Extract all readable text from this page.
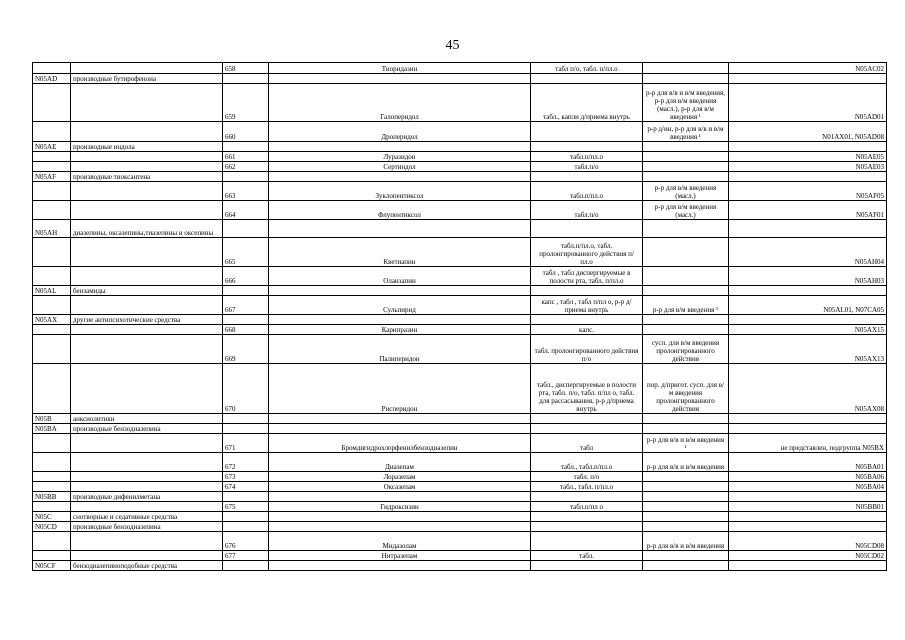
45
		658	Тиоридазин	табл п/о, табл. п/пл.о		N05AC02
N05AD	производные бутирофенона					
		659	Галоперидол	табл., капли д/приема внутрь	р-р для в/в и в/м введения, р-р для в/м введения (масл.), р-р для в/м введения ¹	N05AD01
		660	Дроперидол		р-р д/ин, р-р для в/в и в/м введения ¹	N01AX01, N05AD08
N05AE	производные индола					
		661	Луразидон	табл.п/пл.о		N05AE05
		662	Сертиндол	табл.п/о		N05AE03
N05AF	производные тиоксантена					
		663	Зуклопентиксол	табл.п/пл.о	р-р для в/м введения (масл.)	N05AF05
		664	Флупентиксол	табл.п/о	р-р для в/м введения (масл.)	N05AF01
N05AH	диазепины, оксазепины,тиазепины и оксепины					
		665	Кветиапин	табл.п/пл.о, табл. пролонгированного действия п/пл.о		N05AH04
		666	Оланзапин	табл , табл диспергируемые в полости рта, табл. п/пл.о		N05AH03
N05AL	бензамиды					
		667	Сульпирид	капс , табл , табл п/пл о, р-р д/приема внутрь	р-р для в/м введения ¹	N05AL01, N07CA05
N05AX	другие антипсихотические средства					
		668	Карипразин	капс.		N05AX15
		669	Палиперидон	табл. пролонгированного действия п/о	сусп. для в/м введения пролонгированного действия	N05AX13
		670	Рисперидон	табл., диспергируемые в полости рта, табл. п/о, табл. п/пл о, табл. для рассасывания, р-р д/приема внутрь	пор. д/пригот. сусп. для в/м введения пролонгированного действия	N05AX08
N05B	анксиолитики					
N05BA	производные бензодиазепина					
		671	Бромдигидрохлорфенилбензодиазепин	табл	р-р для в/в и в/м введения ¹	не представлен, подгруппа N05BX
		672	Диазепам	табл., табл.п/пл.о	р-р для в/в и в/м введения	N05BA01
		673	Лоразепам	табл. п/о		N05BA06
		674	Оксазепам	табл., табл. п/пл.о		N05BA04
N05BB	производные дифенилметана					
		675	Гидроксизин	табл.п/пл о		N05BB01
N05C	снотворные и седативные средства					
N05CD	производные бензодиазепина					
		676	Мидазолам		р-р для в/в и в/м введения	N05CD08
		677	Нитразепам	табл.		N05CD02
N05CF	бензодиазепиноподобные средства					
